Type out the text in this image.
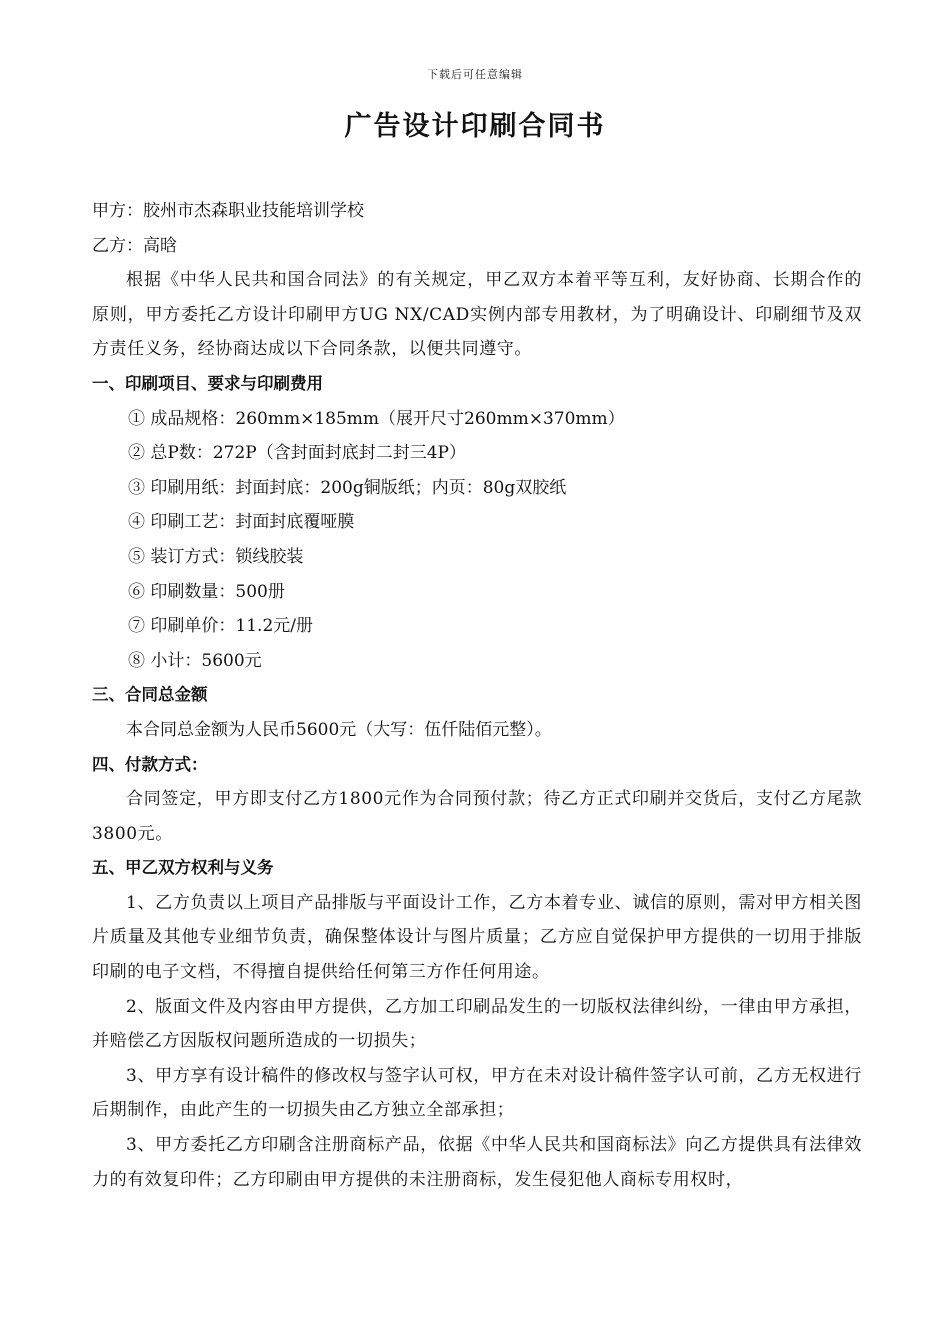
下载后可任意编辑
广告设计印刷合同书
甲方：胶州市杰森职业技能培训学校
乙方：高晗
根据《中华人民共和国合同法》的有关规定，甲乙双方本着平等互利，友好协商、长期合作的原则，甲方委托乙方设计印刷甲方UG NX/CAD实例内部专用教材，为了明确设计、印刷细节及双方责任义务，经协商达成以下合同条款，以便共同遵守。
一、印刷项目、要求与印刷费用
① 成品规格：260mm×185mm（展开尺寸260mm×370mm）
② 总P数：272P（含封面封底封二封三4P）
③ 印刷用纸：封面封底：200g铜版纸；内页：80g双胶纸
④ 印刷工艺：封面封底覆哑膜
⑤ 装订方式：锁线胶装
⑥ 印刷数量：500册
⑦ 印刷单价：11.2元/册
⑧ 小计：5600元
三、合同总金额
本合同总金额为人民币5600元（大写：伍仟陆佰元整）。
四、付款方式：
合同签定，甲方即支付乙方1800元作为合同预付款；待乙方正式印刷并交货后，支付乙方尾款3800元。
五、甲乙双方权利与义务
1、乙方负责以上项目产品排版与平面设计工作，乙方本着专业、诚信的原则，需对甲方相关图片质量及其他专业细节负责，确保整体设计与图片质量；乙方应自觉保护甲方提供的一切用于排版印刷的电子文档，不得擅自提供给任何第三方作任何用途。
2、版面文件及内容由甲方提供，乙方加工印刷品发生的一切版权法律纠纷，一律由甲方承担，并赔偿乙方因版权问题所造成的一切损失；
3、甲方享有设计稿件的修改权与签字认可权，甲方在未对设计稿件签字认可前，乙方无权进行后期制作，由此产生的一切损失由乙方独立全部承担；
3、甲方委托乙方印刷含注册商标产品，依据《中华人民共和国商标法》向乙方提供具有法律效力的有效复印件；乙方印刷由甲方提供的未注册商标，发生侵犯他人商标专用权时，
